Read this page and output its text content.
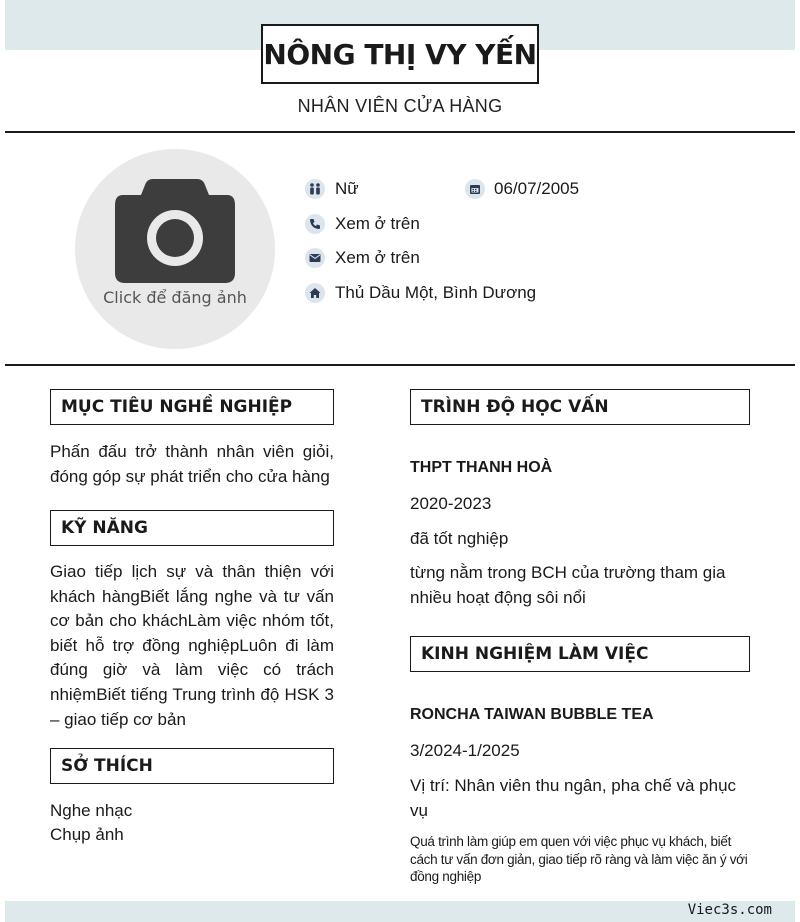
NÔNG THỊ VY YẾN
NHÂN VIÊN CỬA HÀNG
Click để đăng ảnh
Nữ	06/07/2005
Xem ở trên
Xem ở trên
Thủ Dầu Một, Bình Dương
MỤC TIÊU NGHỀ NGHIỆP
Phấn đấu trở thành nhân viên giỏi, đóng góp sự phát triển cho cửa hàng
KỸ NĂNG
Giao tiếp lịch sự và thân thiện với khách hàngBiết lắng nghe và tư vấn cơ bản cho kháchLàm việc nhóm tốt, biết hỗ trợ đồng nghiệpLuôn đi làm đúng giờ và làm việc có trách nhiệmBiết tiếng Trung trình độ HSK 3 – giao tiếp cơ bản
SỞ THÍCH
Nghe nhạc
Chụp ảnh
TRÌNH ĐỘ HỌC VẤN
THPT THANH HOÀ
2020-2023
đã tốt nghiệp
từng nằm trong BCH của trường tham gia nhiều hoạt động sôi nổi
KINH NGHIỆM LÀM VIỆC
RONCHA TAIWAN BUBBLE TEA
3/2024-1/2025
Vị trí: Nhân viên thu ngân, pha chế và phục vụ
Quá trình làm giúp em quen với việc phục vụ khách, biết cách tư vấn đơn giản, giao tiếp rõ ràng và làm việc ăn ý với đồng nghiệp
Viec3s.com
